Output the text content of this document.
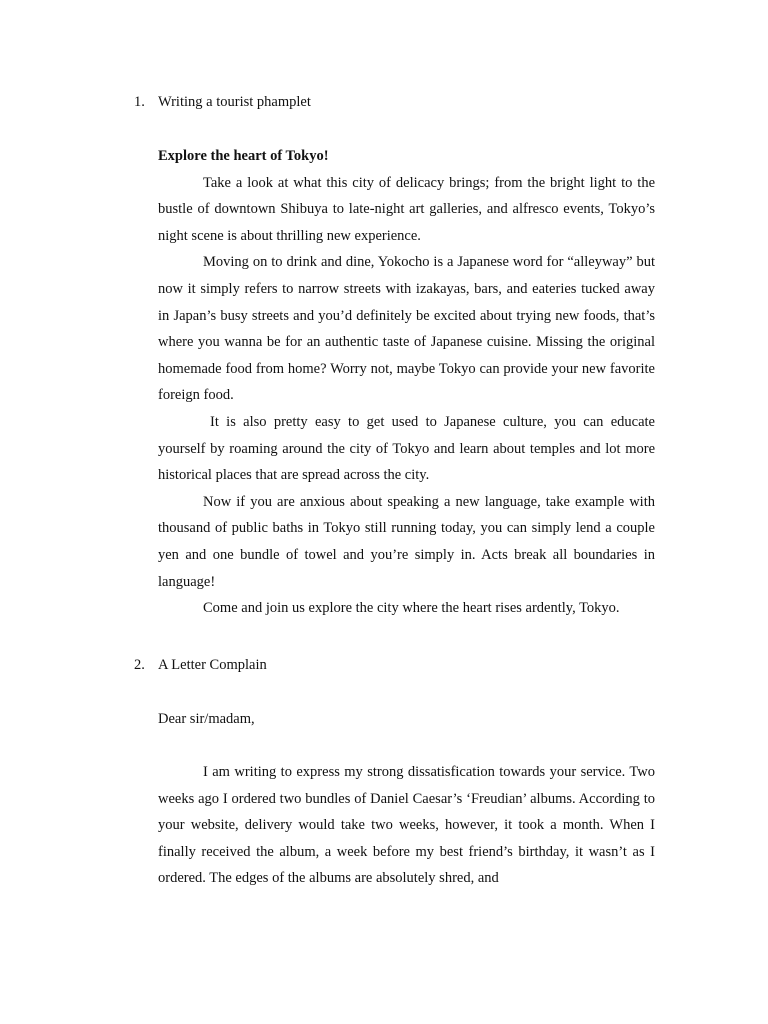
1. Writing a tourist phamplet

Explore the heart of Tokyo!

Take a look at what this city of delicacy brings; from the bright light to the bustle of downtown Shibuya to late-night art galleries, and alfresco events, Tokyo’s night scene is about thrilling new experience.

Moving on to drink and dine, Yokocho is a Japanese word for “alleyway” but now it simply refers to narrow streets with izakayas, bars, and eateries tucked away in Japan’s busy streets and you’d definitely be excited about trying new foods, that’s where you wanna be for an authentic taste of Japanese cuisine. Missing the original homemade food from home? Worry not, maybe Tokyo can provide your new favorite foreign food.

It is also pretty easy to get used to Japanese culture, you can educate yourself by roaming around the city of Tokyo and learn about temples and lot more historical places that are spread across the city.

Now if you are anxious about speaking a new language, take example with thousand of public baths in Tokyo still running today, you can simply lend a couple yen and one bundle of towel and you’re simply in. Acts break all boundaries in language!

Come and join us explore the city where the heart rises ardently, Tokyo.

2. A Letter Complain

Dear sir/madam,

I am writing to express my strong dissatisfication towards your service. Two weeks ago I ordered two bundles of Daniel Caesar’s ‘Freudian’ albums. According to your website, delivery would take two weeks, however, it took a month. When I finally received the album, a week before my best friend’s birthday, it wasn’t as I ordered. The edges of the albums are absolutely shred, and
